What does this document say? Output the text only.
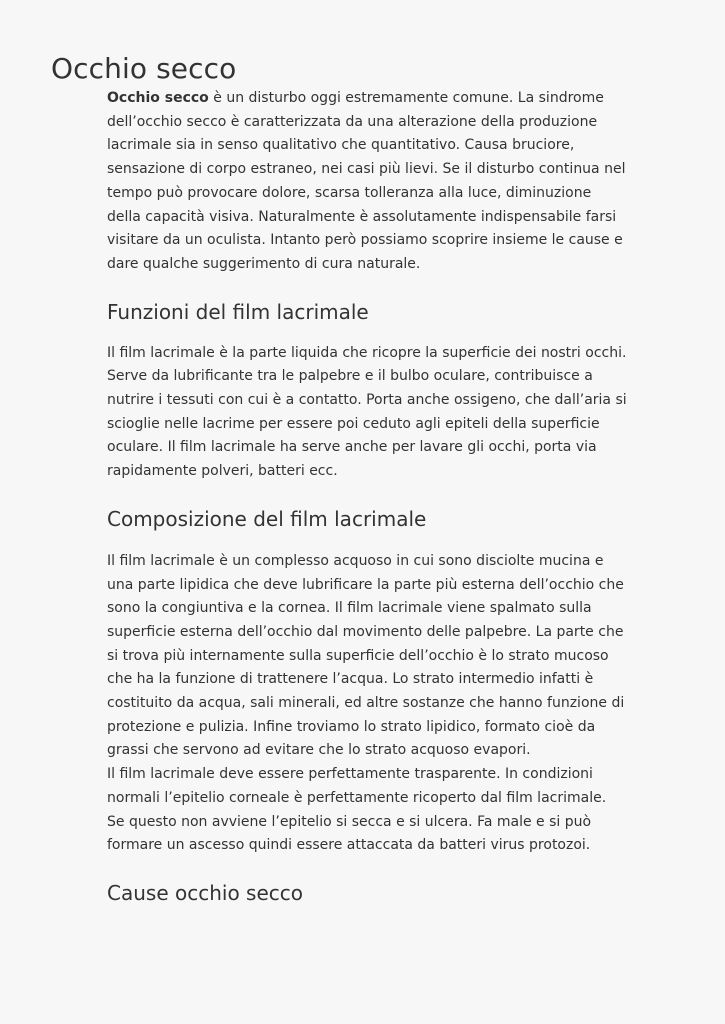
Occhio secco

Occhio secco è un disturbo oggi estremamente comune. La sindrome dell’occhio secco è caratterizzata da una alterazione della produzione lacrimale sia in senso qualitativo che quantitativo. Causa bruciore, sensazione di corpo estraneo, nei casi più lievi. Se il disturbo continua nel tempo può provocare dolore, scarsa tolleranza alla luce, diminuzione della capacità visiva. Naturalmente è assolutamente indispensabile farsi visitare da un oculista. Intanto però possiamo scoprire insieme le cause e dare qualche suggerimento di cura naturale.

Funzioni del film lacrimale

Il film lacrimale è la parte liquida che ricopre la superficie dei nostri occhi. Serve da lubrificante tra le palpebre e il bulbo oculare, contribuisce a nutrire i tessuti con cui è a contatto. Porta anche ossigeno, che dall’aria si scioglie nelle lacrime per essere poi ceduto agli epiteli della superficie oculare. Il film lacrimale ha serve anche per lavare gli occhi, porta via rapidamente polveri, batteri ecc.

Composizione del film lacrimale

Il film lacrimale è un complesso acquoso in cui sono disciolte mucina e una parte lipidica che deve lubrificare la parte più esterna dell’occhio che sono la congiuntiva e la cornea. Il film lacrimale viene spalmato sulla superficie esterna dell’occhio dal movimento delle palpebre. La parte che si trova più internamente sulla superficie dell’occhio è lo strato mucoso che ha la funzione di trattenere l’acqua. Lo strato intermedio infatti è costituito da acqua, sali minerali, ed altre sostanze che hanno funzione di protezione e pulizia. Infine troviamo lo strato lipidico, formato cioè da grassi che servono ad evitare che lo strato acquoso evapori.

Il film lacrimale deve essere perfettamente trasparente. In condizioni normali l’epitelio corneale è perfettamente ricoperto dal film lacrimale. Se questo non avviene l’epitelio si secca e si ulcera. Fa male e si può formare un ascesso quindi essere attaccata da batteri virus protozoi.

Cause occhio secco
